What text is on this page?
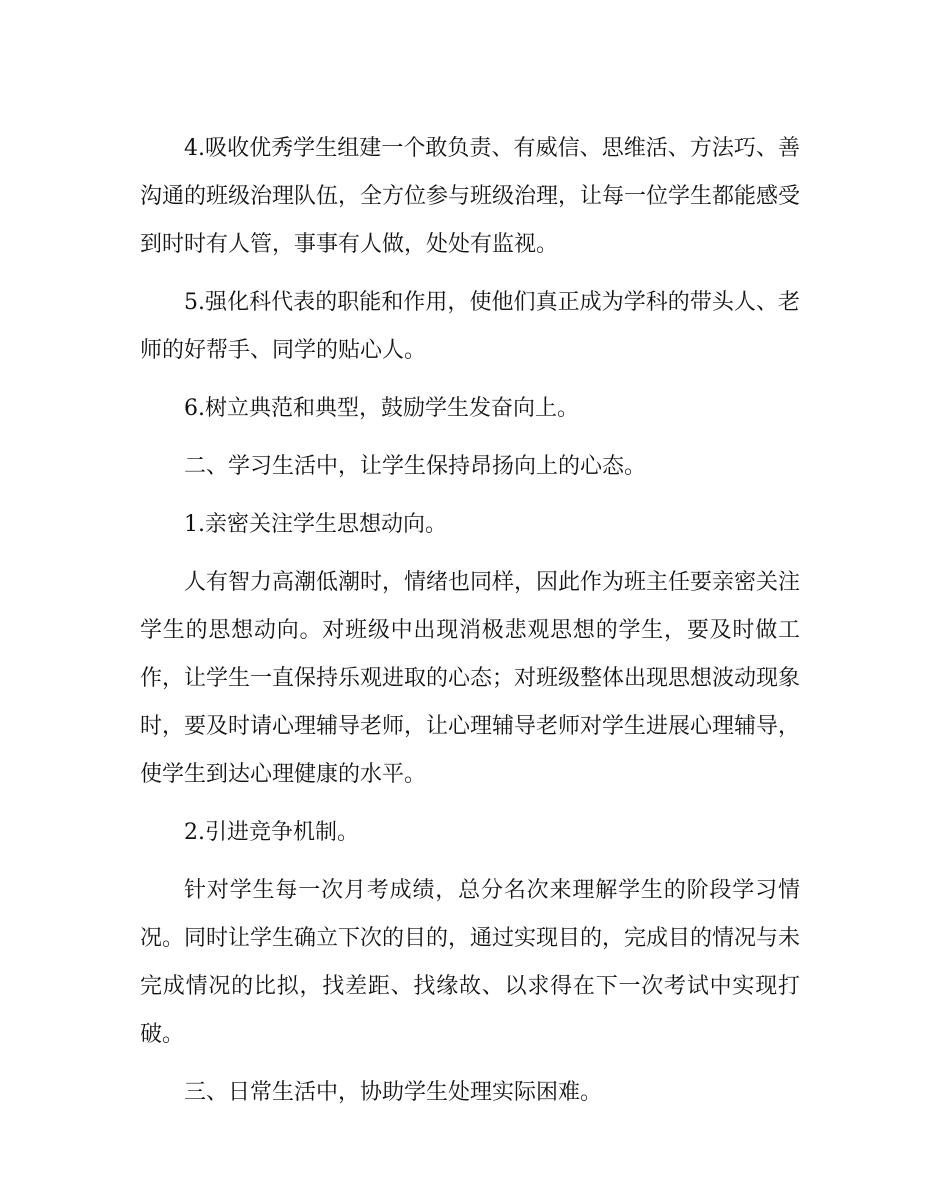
4.吸收优秀学生组建一个敢负责、有威信、思维活、方法巧、善沟通的班级治理队伍，全方位参与班级治理，让每一位学生都能感受到时时有人管，事事有人做，处处有监视。

5.强化科代表的职能和作用，使他们真正成为学科的带头人、老师的好帮手、同学的贴心人。

6.树立典范和典型，鼓励学生发奋向上。

二、学习生活中，让学生保持昂扬向上的心态。

1.亲密关注学生思想动向。

人有智力高潮低潮时，情绪也同样，因此作为班主任要亲密关注学生的思想动向。对班级中出现消极悲观思想的学生，要及时做工作，让学生一直保持乐观进取的心态；对班级整体出现思想波动现象时，要及时请心理辅导老师，让心理辅导老师对学生进展心理辅导，使学生到达心理健康的水平。

2.引进竞争机制。

针对学生每一次月考成绩，总分名次来理解学生的阶段学习情况。同时让学生确立下次的目的，通过实现目的，完成目的情况与未完成情况的比拟，找差距、找缘故、以求得在下一次考试中实现打破。

三、日常生活中，协助学生处理实际困难。
